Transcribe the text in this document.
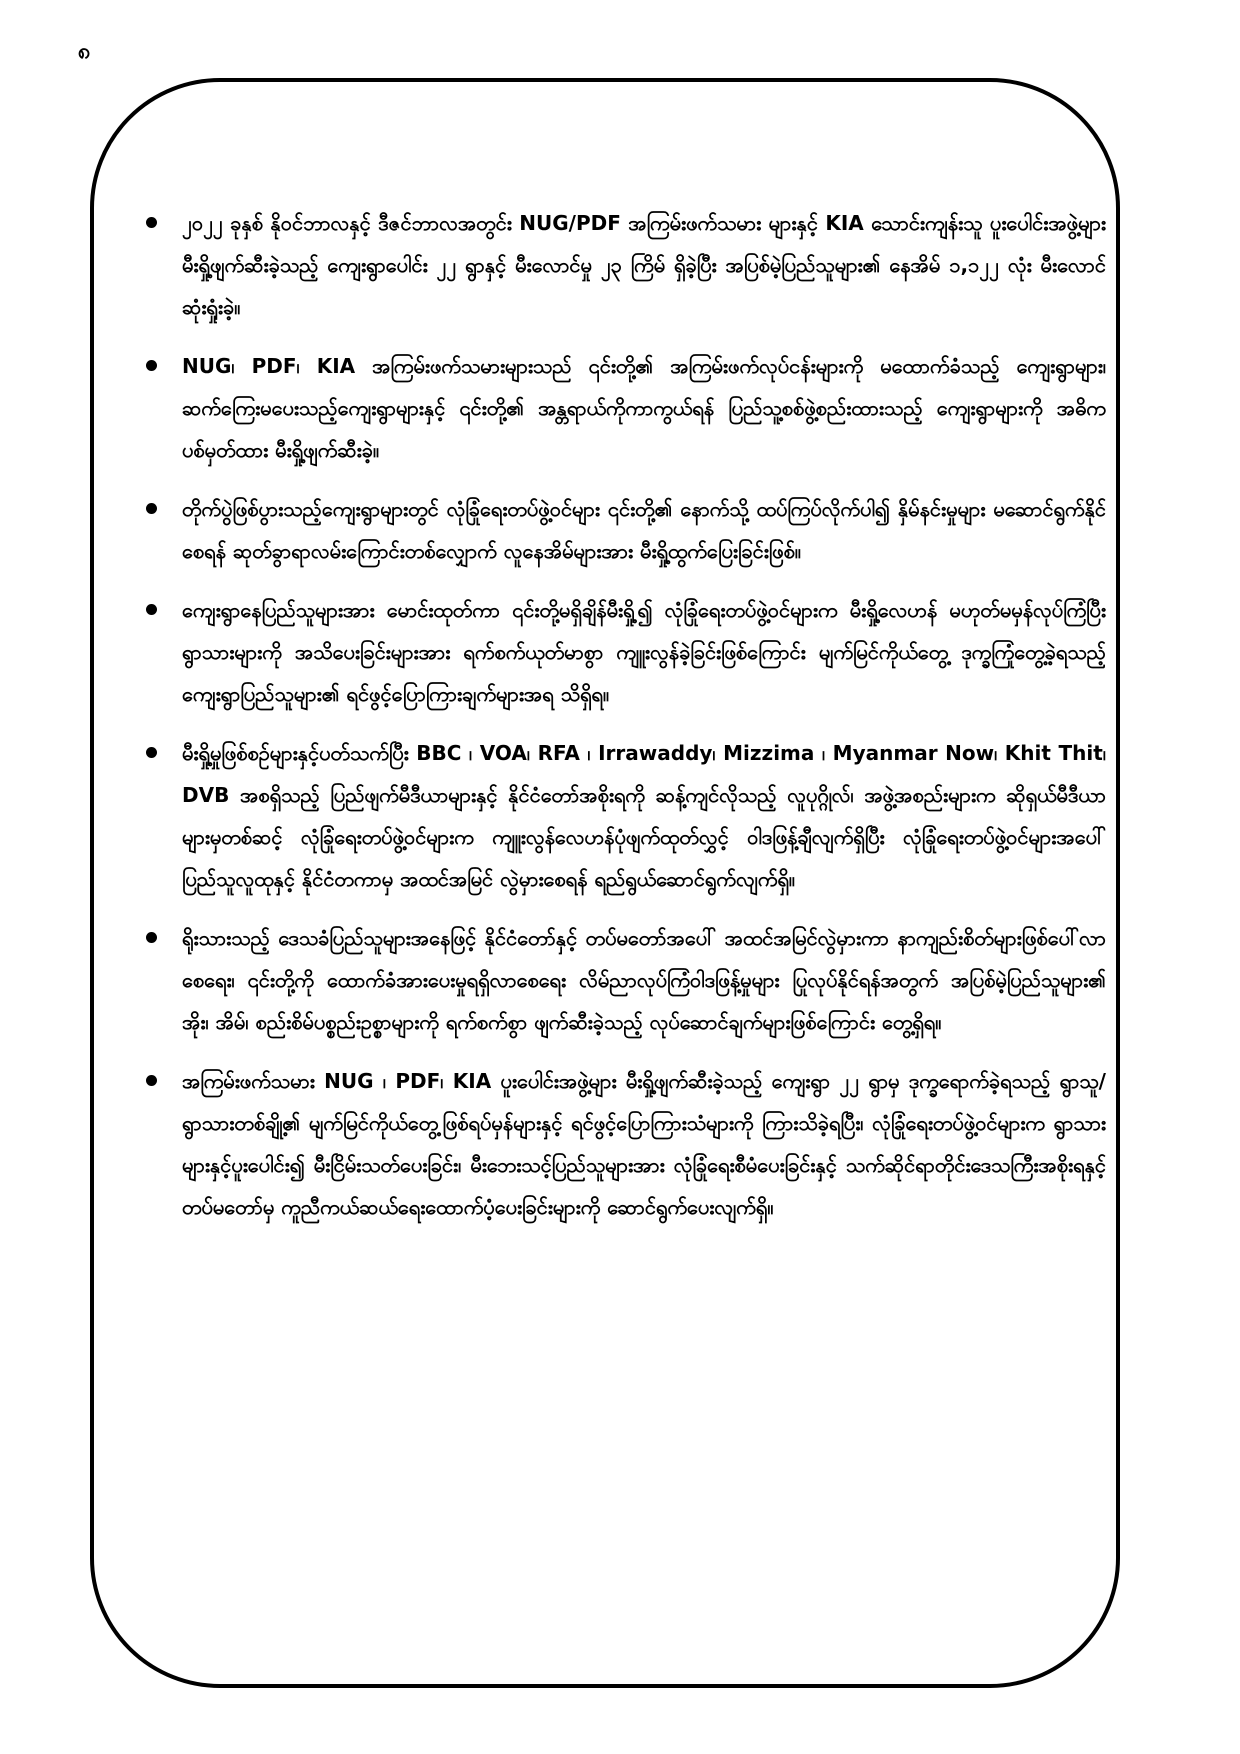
၈
၂၀၂၂ ခုနှစ် နိုဝင်ဘာလနှင့် ဒီဇင်ဘာလအတွင်း NUG/PDF အကြမ်းဖက်သမား များနှင့် KIA သောင်းကျန်းသူ ပူးပေါင်းအဖွဲ့များ မီးရှို့ဖျက်ဆီးခဲ့သည့် ကျေးရွာပေါင်း ၂၂ ရွာနှင့် မီးလောင်မှု ၂၃ ကြိမ် ရှိခဲ့ပြီး အပြစ်မဲ့ပြည်သူများ၏ နေအိမ် ၁,၁၂၂ လုံး မီးလောင်ဆုံးရှုံးခဲ့။
NUG၊ PDF၊ KIA အကြမ်းဖက်သမားများသည် ၎င်းတို့၏ အကြမ်းဖက်လုပ်ငန်းများကို မထောက်ခံသည့် ကျေးရွာများ၊ ဆက်ကြေးမပေးသည့်ကျေးရွာများနှင့် ၎င်းတို့၏ အန္တရာယ်ကိုကာကွယ်ရန် ပြည်သူ့စစ်ဖွဲ့စည်းထားသည့် ကျေးရွာများကို အဓိကပစ်မှတ်ထား မီးရှို့ဖျက်ဆီးခဲ့။
တိုက်ပွဲဖြစ်ပွားသည့်ကျေးရွာများတွင် လုံခြုံရေးတပ်ဖွဲ့ဝင်များ ၎င်းတို့၏ နောက်သို့ ထပ်ကြပ်လိုက်ပါ၍ နှိမ်နင်းမှုများ မဆောင်ရွက်နိုင်စေရန် ဆုတ်ခွာရာလမ်းကြောင်းတစ်လျှောက် လူနေအိမ်များအား မီးရှို့ထွက်ပြေးခြင်းဖြစ်။
ကျေးရွာနေပြည်သူများအား မောင်းထုတ်ကာ ၎င်းတို့မရှိချိန်မီးရှို့၍ လုံခြုံရေးတပ်ဖွဲ့ဝင်များက မီးရှို့လေဟန် မဟုတ်မမှန်လုပ်ကြံပြီး ရွာသားများကို အသိပေးခြင်းများအား ရက်စက်ယုတ်မာစွာ ကျူးလွန်ခဲ့ခြင်းဖြစ်ကြောင်း မျက်မြင်ကိုယ်တွေ့ ဒုက္ခကြုံတွေ့ခဲ့ရသည့် ကျေးရွာပြည်သူများ၏ ရင်ဖွင့်ပြောကြားချက်များအရ သိရှိရ။
မီးရှို့မှုဖြစ်စဉ်များနှင့်ပတ်သက်ပြီး BBC ၊ VOA၊ RFA ၊ Irrawaddy၊ Mizzima ၊ Myanmar Now၊ Khit Thit၊ DVB အစရှိသည့် ပြည်ဖျက်မီဒီယာများနှင့် နိုင်ငံတော်အစိုးရကို ဆန့်ကျင်လိုသည့် လူပုဂ္ဂိုလ်၊ အဖွဲ့အစည်းများက ဆိုရှယ်မီဒီယာများမှတစ်ဆင့် လုံခြုံရေးတပ်ဖွဲ့ဝင်များက ကျူးလွန်လေဟန်ပုံဖျက်ထုတ်လွှင့် ဝါဒဖြန့်ချီလျက်ရှိပြီး လုံခြုံရေးတပ်ဖွဲ့ဝင်များအပေါ် ပြည်သူလူထုနှင့် နိုင်ငံတကာမှ အထင်အမြင် လွဲမှားစေရန် ရည်ရွယ်ဆောင်ရွက်လျက်ရှိ။
ရိုးသားသည့် ဒေသခံပြည်သူများအနေဖြင့် နိုင်ငံတော်နှင့် တပ်မတော်အပေါ် အထင်အမြင်လွဲမှားကာ နာကျည်းစိတ်များဖြစ်ပေါ်လာစေရေး၊ ၎င်းတို့ကို ထောက်ခံအားပေးမှုရရှိလာစေရေး လိမ်ညာလုပ်ကြံဝါဒဖြန့်မှုများ ပြုလုပ်နိုင်ရန်အတွက် အပြစ်မဲ့ပြည်သူများ၏ အိုး၊ အိမ်၊ စည်းစိမ်ပစ္စည်းဥစ္စာများကို ရက်စက်စွာ ဖျက်ဆီးခဲ့သည့် လုပ်ဆောင်ချက်များဖြစ်ကြောင်း တွေ့ရှိရ။
အကြမ်းဖက်သမား NUG ၊ PDF၊ KIA ပူးပေါင်းအဖွဲ့များ မီးရှို့ဖျက်ဆီးခဲ့သည့် ကျေးရွာ ၂၂ ရွာမှ ဒုက္ခရောက်ခဲ့ရသည့် ရွာသူ/ရွာသားတစ်ချို့၏ မျက်မြင်ကိုယ်တွေ့ဖြစ်ရပ်မှန်များနှင့် ရင်ဖွင့်ပြောကြားသံများကို ကြားသိခဲ့ရပြီး၊ လုံခြုံရေးတပ်ဖွဲ့ဝင်များက ရွာသားများနှင့်ပူးပေါင်း၍ မီးငြိမ်းသတ်ပေးခြင်း၊ မီးဘေးသင့်ပြည်သူများအား လုံခြုံရေးစီမံပေးခြင်းနှင့် သက်ဆိုင်ရာတိုင်းဒေသကြီးအစိုးရနှင့် တပ်မတော်မှ ကူညီကယ်ဆယ်ရေးထောက်ပံ့ပေးခြင်းများကို ဆောင်ရွက်ပေးလျက်ရှိ။
